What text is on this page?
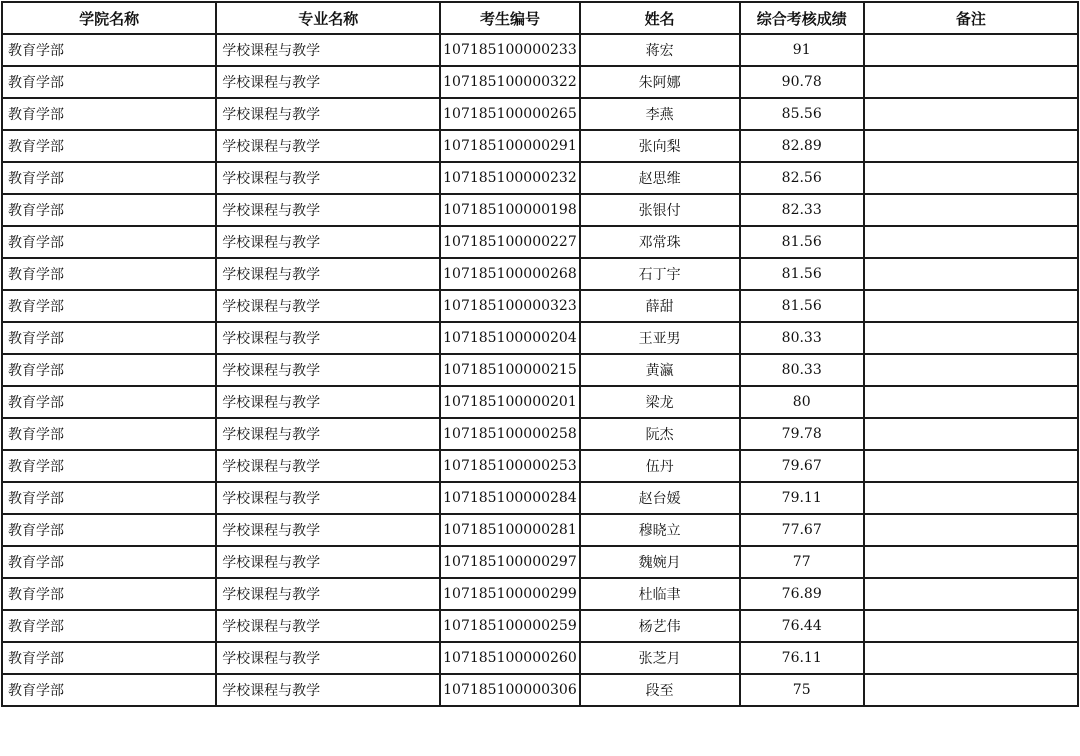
学院名称	专业名称	考生编号	姓名	综合考核成绩	备注
教育学部	学校课程与教学	107185100000233	蒋宏	91	
教育学部	学校课程与教学	107185100000322	朱阿娜	90.78	
教育学部	学校课程与教学	107185100000265	李燕	85.56	
教育学部	学校课程与教学	107185100000291	张向梨	82.89	
教育学部	学校课程与教学	107185100000232	赵思维	82.56	
教育学部	学校课程与教学	107185100000198	张银付	82.33	
教育学部	学校课程与教学	107185100000227	邓常珠	81.56	
教育学部	学校课程与教学	107185100000268	石丁宇	81.56	
教育学部	学校课程与教学	107185100000323	薛甜	81.56	
教育学部	学校课程与教学	107185100000204	王亚男	80.33	
教育学部	学校课程与教学	107185100000215	黄瀛	80.33	
教育学部	学校课程与教学	107185100000201	梁龙	80	
教育学部	学校课程与教学	107185100000258	阮杰	79.78	
教育学部	学校课程与教学	107185100000253	伍丹	79.67	
教育学部	学校课程与教学	107185100000284	赵台媛	79.11	
教育学部	学校课程与教学	107185100000281	穆晓立	77.67	
教育学部	学校课程与教学	107185100000297	魏婉月	77	
教育学部	学校课程与教学	107185100000299	杜临聿	76.89	
教育学部	学校课程与教学	107185100000259	杨艺伟	76.44	
教育学部	学校课程与教学	107185100000260	张芝月	76.11	
教育学部	学校课程与教学	107185100000306	段至	75	
